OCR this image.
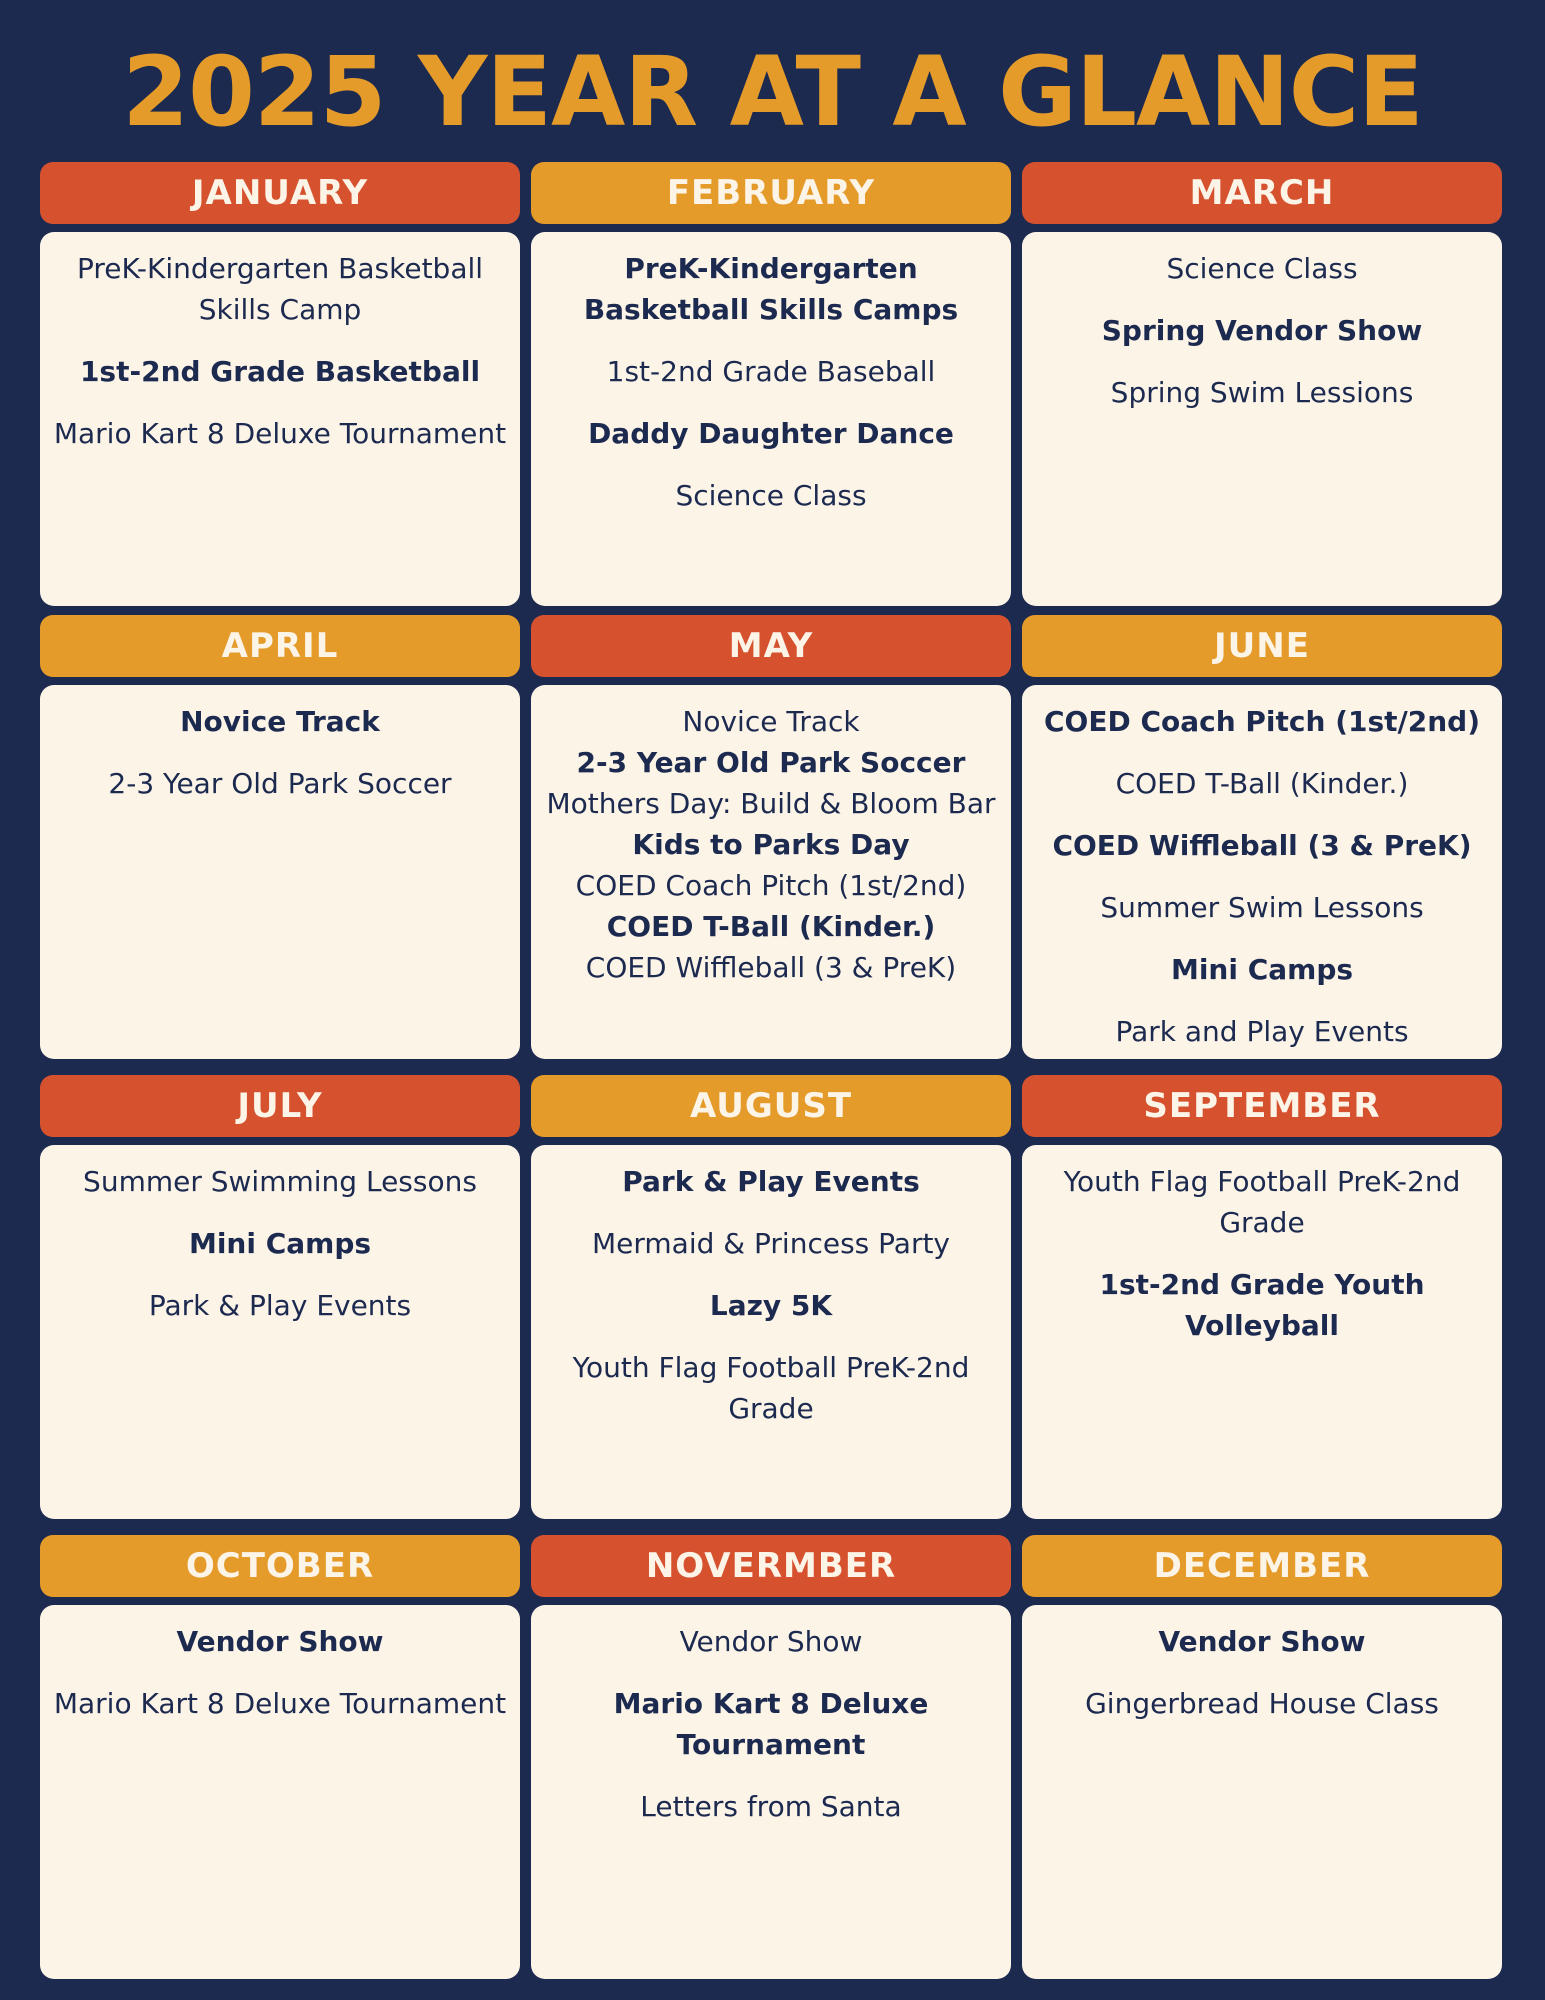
2025 YEAR AT A GLANCE
JANUARY
PreK-Kindergarten Basketball Skills Camp
1st-2nd Grade Basketball
Mario Kart 8 Deluxe Tournament
FEBRUARY
PreK-Kindergarten Basketball Skills Camps
1st-2nd Grade Baseball
Daddy Daughter Dance
Science Class
MARCH
Science Class
Spring Vendor Show
Spring Swim Lessions
APRIL
Novice Track
2-3 Year Old Park Soccer
MAY
Novice Track
2-3 Year Old Park Soccer
Mothers Day: Build & Bloom Bar
Kids to Parks Day
COED Coach Pitch (1st/2nd)
COED T-Ball (Kinder.)
COED Wiffleball (3 & PreK)
JUNE
COED Coach Pitch (1st/2nd)
COED T-Ball (Kinder.)
COED Wiffleball (3 & PreK)
Summer Swim Lessons
Mini Camps
Park and Play Events
JULY
Summer Swimming Lessons
Mini Camps
Park & Play Events
AUGUST
Park & Play Events
Mermaid & Princess Party
Lazy 5K
Youth Flag Football PreK-2nd Grade
SEPTEMBER
Youth Flag Football PreK-2nd Grade
1st-2nd Grade Youth Volleyball
OCTOBER
Vendor Show
Mario Kart 8 Deluxe Tournament
NOVERMBER
Vendor Show
Mario Kart 8 Deluxe Tournament
Letters from Santa
DECEMBER
Vendor Show
Gingerbread House Class
